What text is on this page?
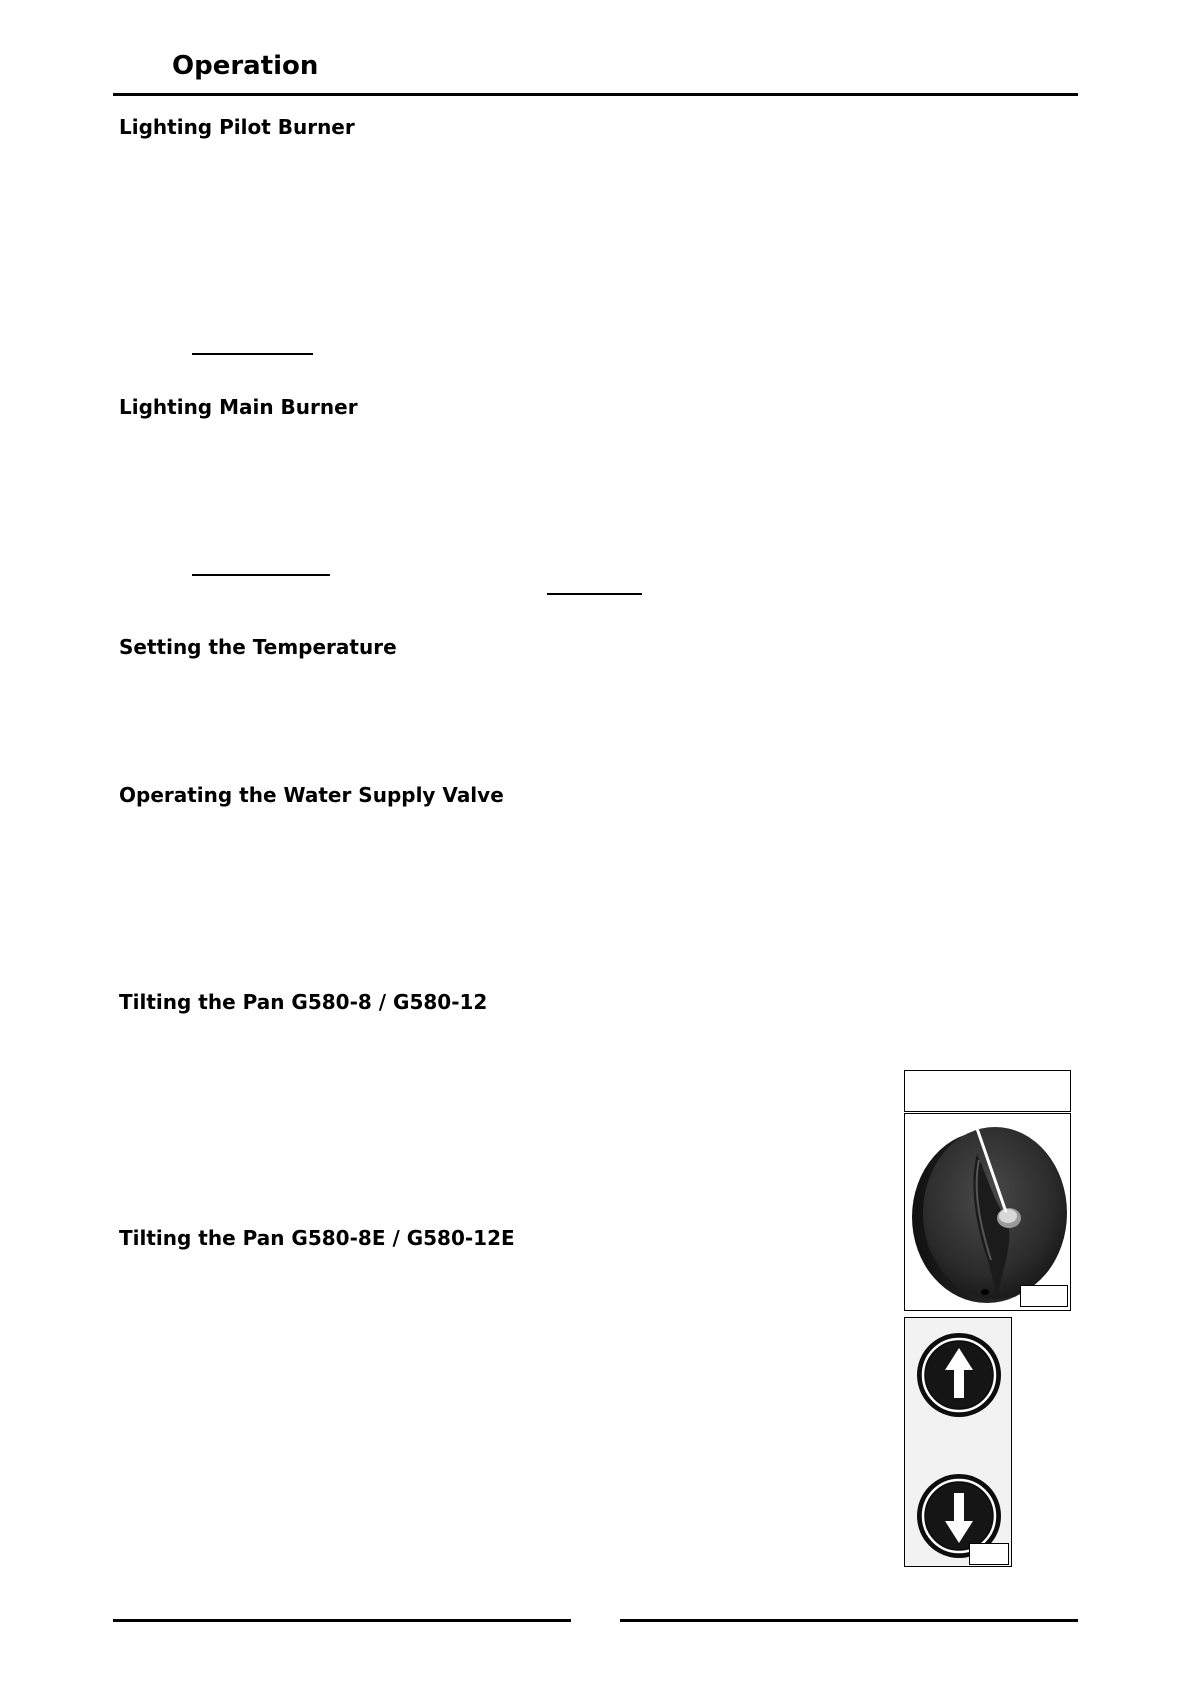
Operation
Lighting Pilot Burner
Lighting Main Burner
Setting the Temperature
Operating the Water Supply Valve
Tilting the Pan G580-8 / G580-12
Tilting the Pan G580-8E / G580-12E
